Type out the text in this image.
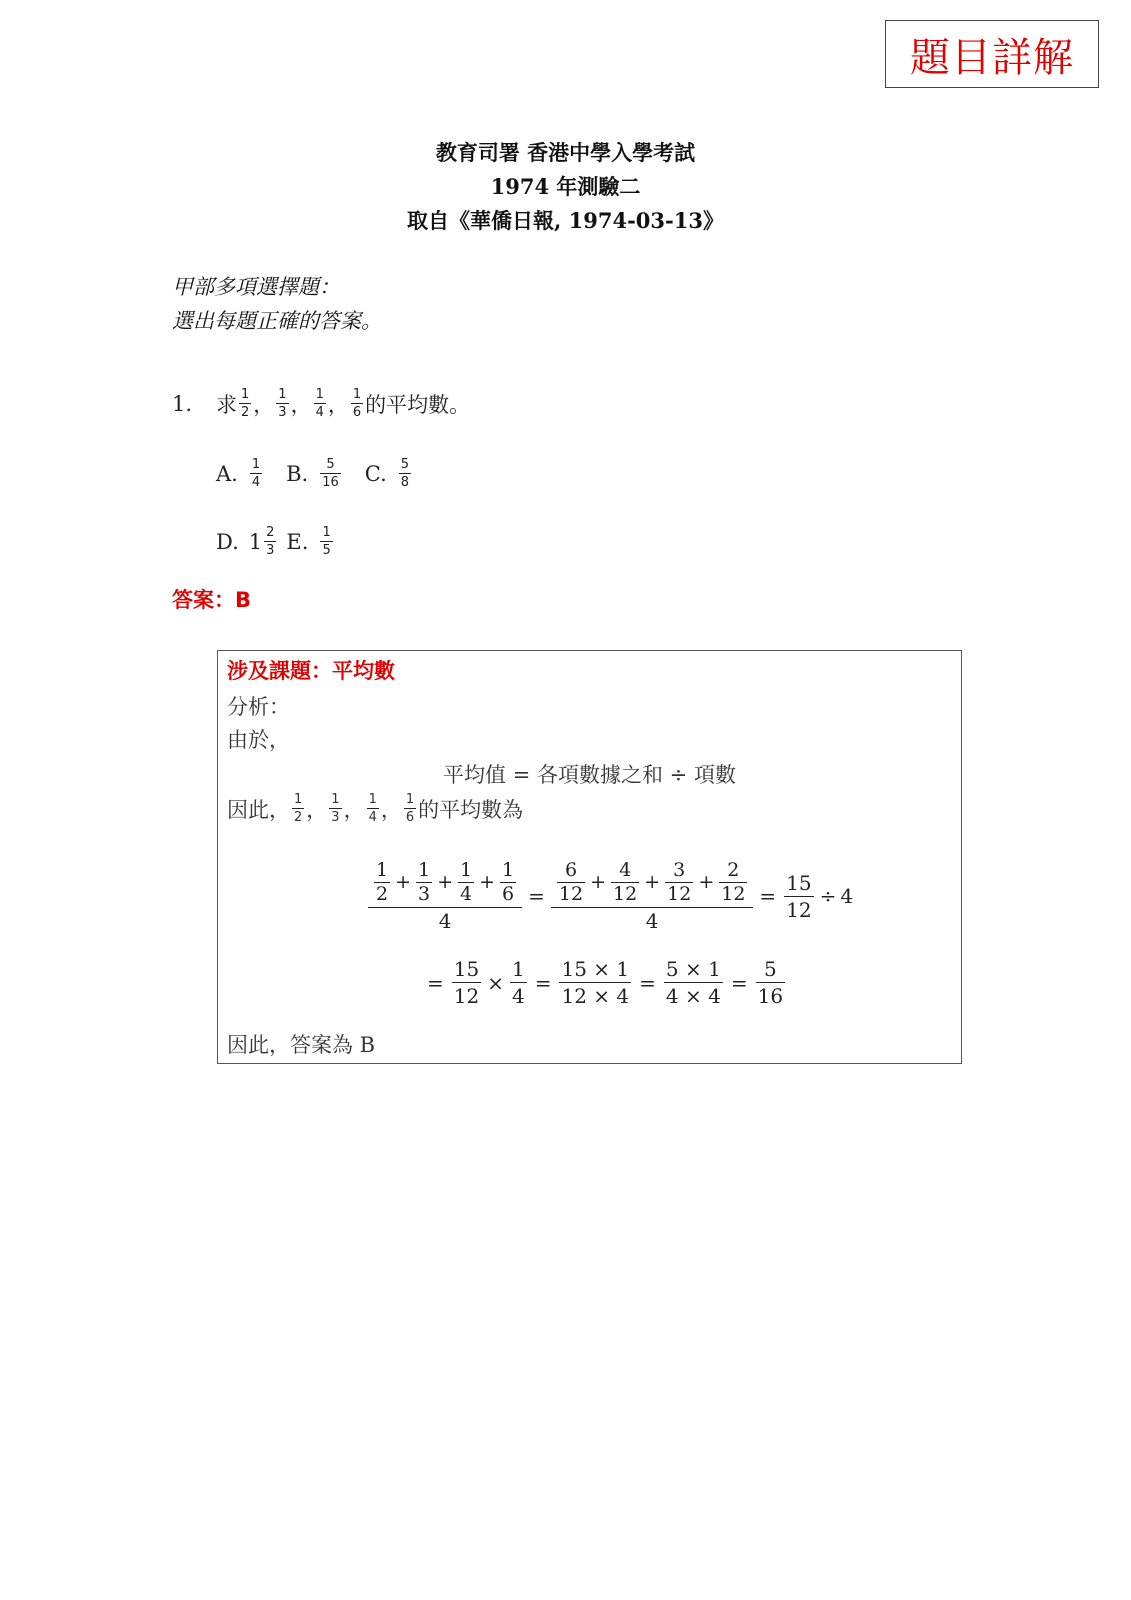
題目詳解
教育司署 香港中學入學考試
1974 年測驗二
取自《華僑日報, 1974-03-13》
甲部多項選擇題：
選出每題正確的答案。
1.	求 $\frac{1}{2}$ ， $\frac{1}{3}$ ， $\frac{1}{4}$ ， $\frac{1}{6}$ 的平均數。
A. $\frac{1}{4} B$. $\frac{5}{16} C$. $\frac{5}{8}$
D. $1 \frac{2}{3} E$. $\frac{1}{5}$
答案：B
涉及課題：平均數
分析：
由於，
平均值 = 各項數據之和 ÷ 項數
因此， $\frac{1}{2}$ ， $\frac{1}{3}$ ， $\frac{1}{4}$ ， $\frac{1}{6}$ 的平均數為
$\frac{1}{2} + \frac{1}{3} + \frac{1}{4} + \frac{1}{6}$
4
= $\frac{6}{12} + \frac{4}{12} + \frac{3}{12} + \frac{2}{12}$
4
= $\frac{15}{12} \div 4$
= $\frac{15}{12} \times \frac{1}{4} = \frac{15 \times 1}{12 \times 4} = \frac{5 \times 1}{4 \times 4} = \frac{5}{16}$
因此，答案為 B
